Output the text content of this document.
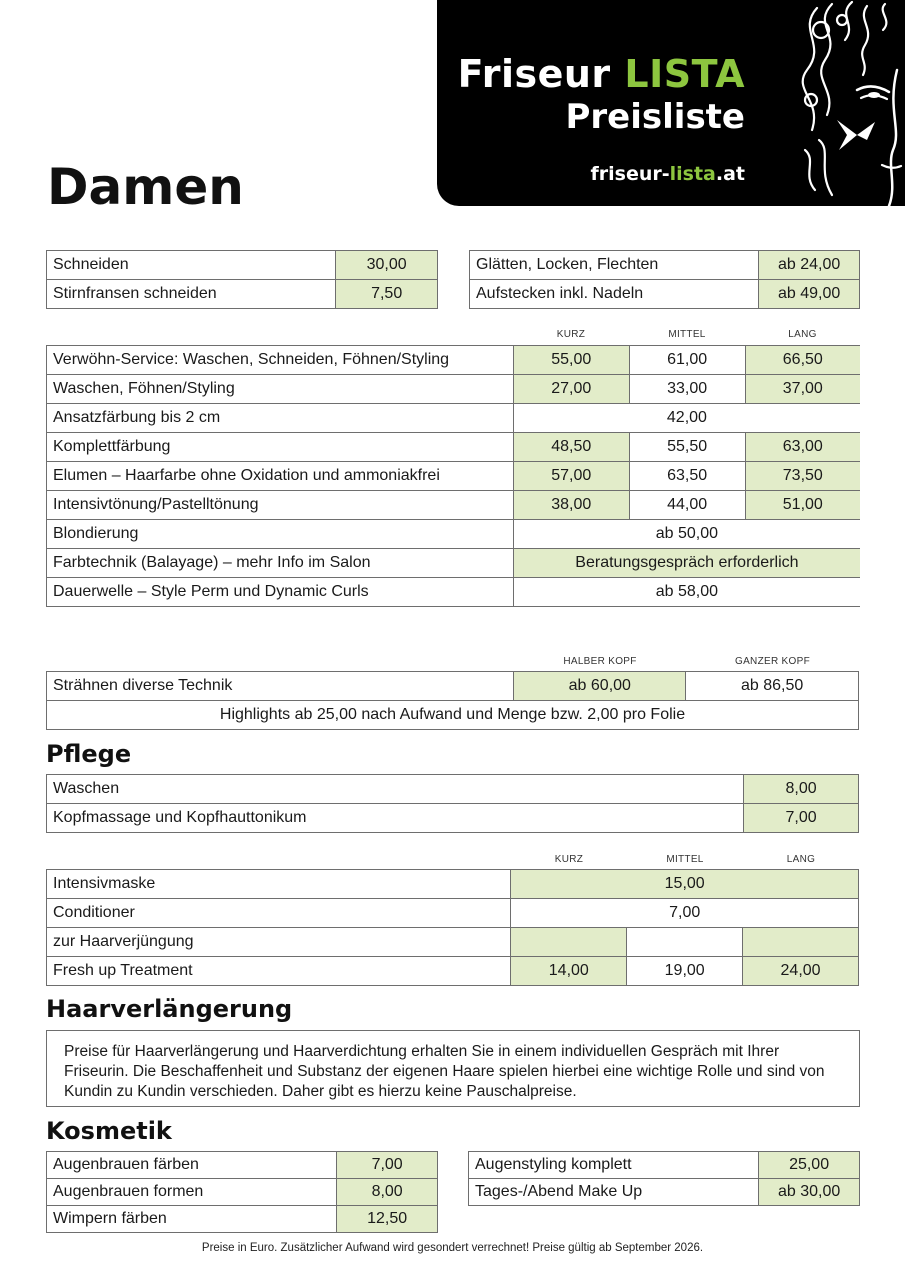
Friseur LISTA
Preisliste
friseur-lista.at
Damen
Schneiden	30,00
Stirnfransen schneiden	7,50
Glätten, Locken, Flechten	ab 24,00
Aufstecken inkl. Nadeln	ab 49,00
KURZ	MITTEL	LANG
Verwöhn-Service: Waschen, Schneiden, Föhnen/Styling	55,00	61,00	66,50
Waschen, Föhnen/Styling	27,00	33,00	37,00
Ansatzfärbung bis 2 cm	42,00		
Komplettfärbung	48,50	55,50	63,00
Elumen – Haarfarbe ohne Oxidation und ammoniakfrei	57,00	63,50	73,50
Intensivtönung/Pastelltönung	38,00	44,00	51,00
Blondierung	ab 50,00		
Farbtechnik (Balayage) – mehr Info im Salon	Beratungsgespräch erforderlich		
Dauerwelle – Style Perm und Dynamic Curls	ab 58,00		
HALBER KOPF	GANZER KOPF
Strähnen diverse Technik	ab 60,00	ab 86,50
Highlights ab 25,00 nach Aufwand und Menge bzw. 2,00 pro Folie
Pflege
Waschen	8,00
Kopfmassage und Kopfhauttonikum	7,00
KURZ	MITTEL	LANG
Intensivmaske	15,00		
Conditioner	7,00		
zur Haarverjüngung			
Fresh up Treatment	14,00	19,00	24,00
Haarverlängerung
Preise für Haarverlängerung und Haarverdichtung erhalten Sie in einem individuellen Gespräch mit Ihrer Friseurin. Die Beschaffenheit und Substanz der eigenen Haare spielen hierbei eine wichtige Rolle und sind von Kundin zu Kundin verschieden. Daher gibt es hierzu keine Pauschalpreise.
Kosmetik
Augenbrauen färben	7,00
Augenbrauen formen	8,00
Wimpern färben	12,50
Augenstyling komplett	25,00
Tages-/Abend Make Up	ab 30,00
Preise in Euro. Zusätzlicher Aufwand wird gesondert verrechnet! Preise gültig ab September 2026.
